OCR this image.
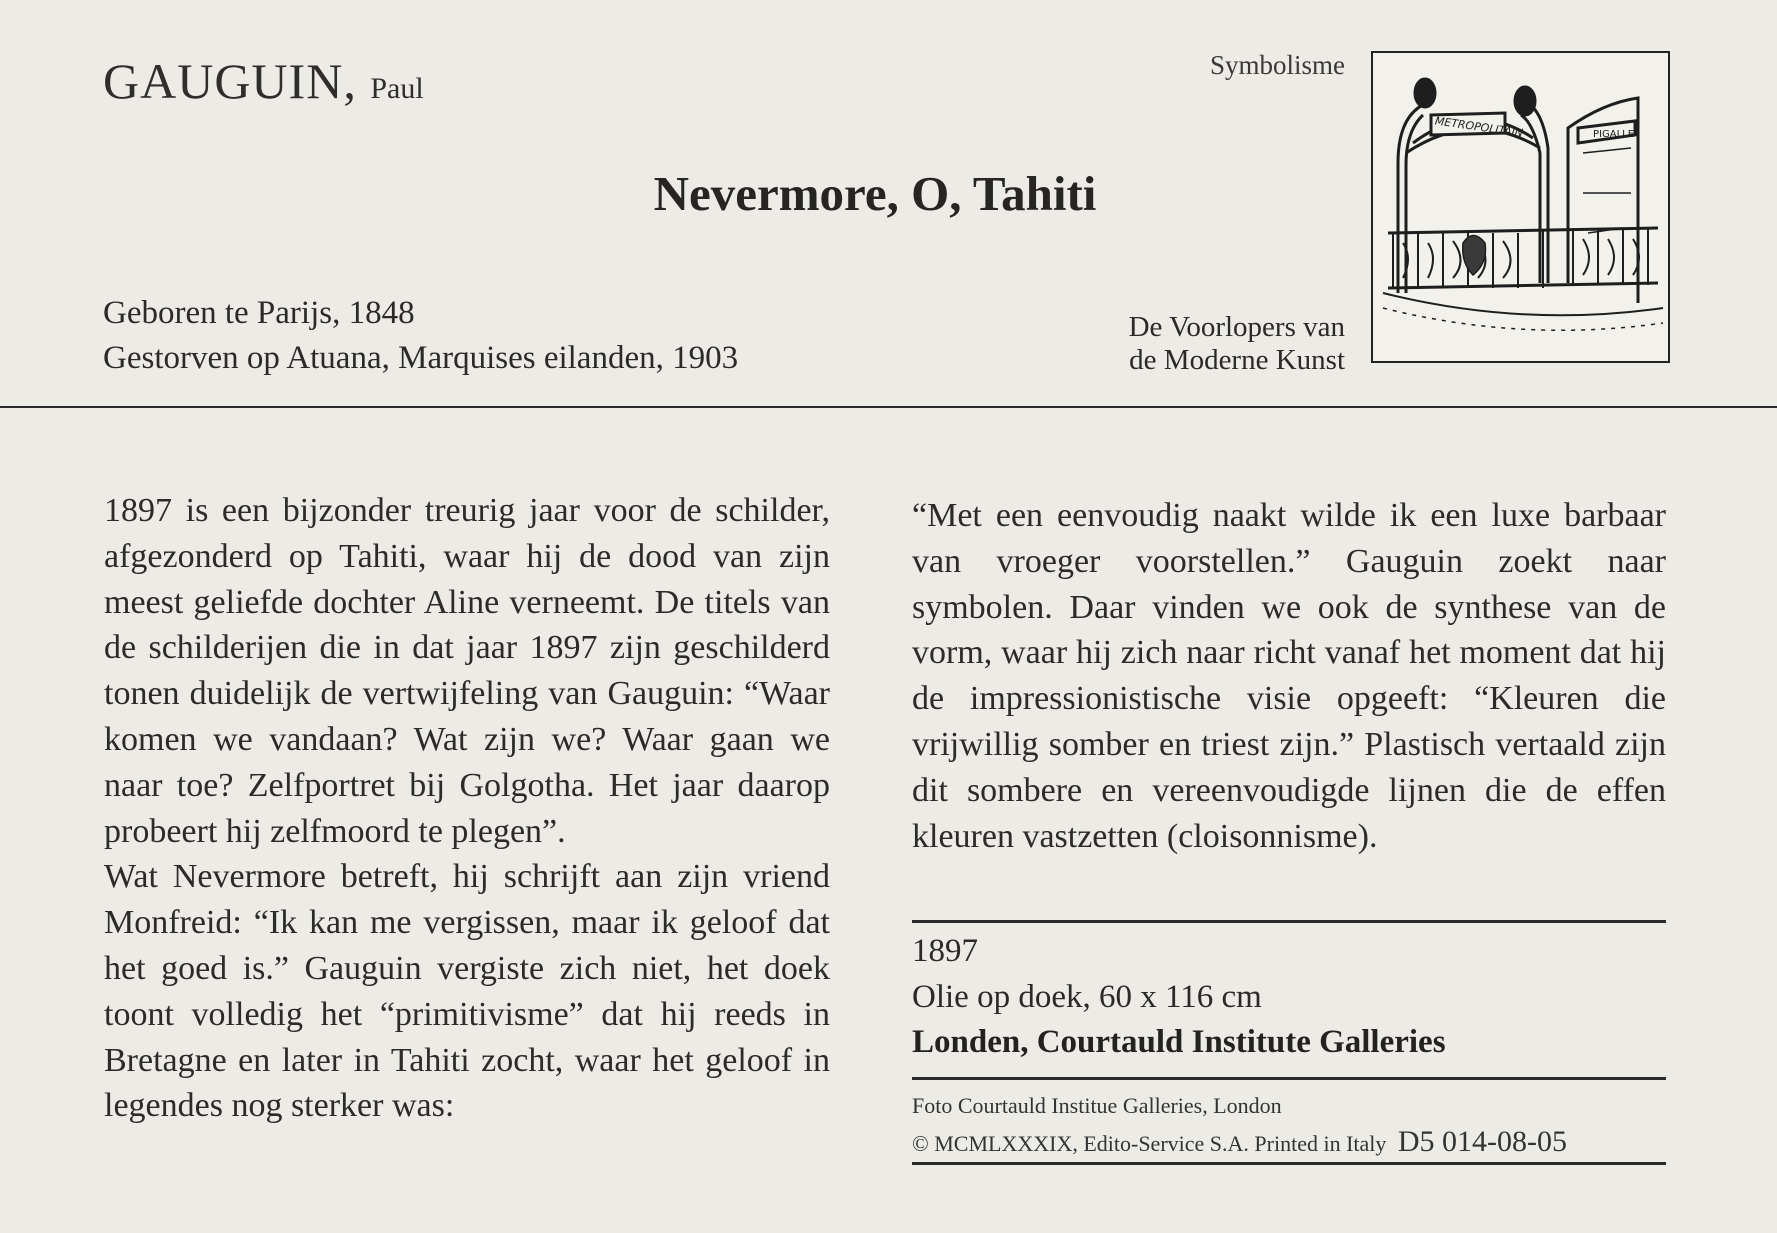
GAUGUIN, Paul
Symbolisme
Nevermore, O, Tahiti
Geboren te Parijs, 1848
Gestorven op Atuana, Marquises eilanden, 1903
De Voorlopers van
de Moderne Kunst
METROPOLITAIN	PIGALLE

1897 is een bijzonder treurig jaar voor de schilder, afgezonderd op Tahiti, waar hij de dood van zijn meest geliefde dochter Aline verneemt. De titels van de schilderijen die in dat jaar 1897 zijn geschilderd tonen duidelijk de vertwijfeling van Gauguin: “Waar komen we vandaan? Wat zijn we? Waar gaan we naar toe? Zelfportret bij Golgotha. Het jaar daarop probeert hij zelfmoord te plegen”.

Wat Nevermore betreft, hij schrijft aan zijn vriend Monfreid: “Ik kan me vergissen, maar ik geloof dat het goed is.” Gauguin vergiste zich niet, het doek toont volledig het “primitivisme” dat hij reeds in Bretagne en later in Tahiti zocht, waar het geloof in legendes nog sterker was:

“Met een eenvoudig naakt wilde ik een luxe barbaar van vroeger voorstellen.” Gauguin zoekt naar symbolen. Daar vinden we ook de synthese van de vorm, waar hij zich naar richt vanaf het moment dat hij de impressionistische visie opgeeft: “Kleuren die vrijwillig somber en triest zijn.” Plastisch vertaald zijn dit sombere en vereenvoudigde lijnen die de effen kleuren vastzetten (cloisonnisme).

1897
Olie op doek, 60 x 116 cm
Londen, Courtauld Institute Galleries
Foto Courtauld Institue Galleries, London
© MCMLXXXIX, Edito-Service S.A. Printed in Italy D5 014-08-05
